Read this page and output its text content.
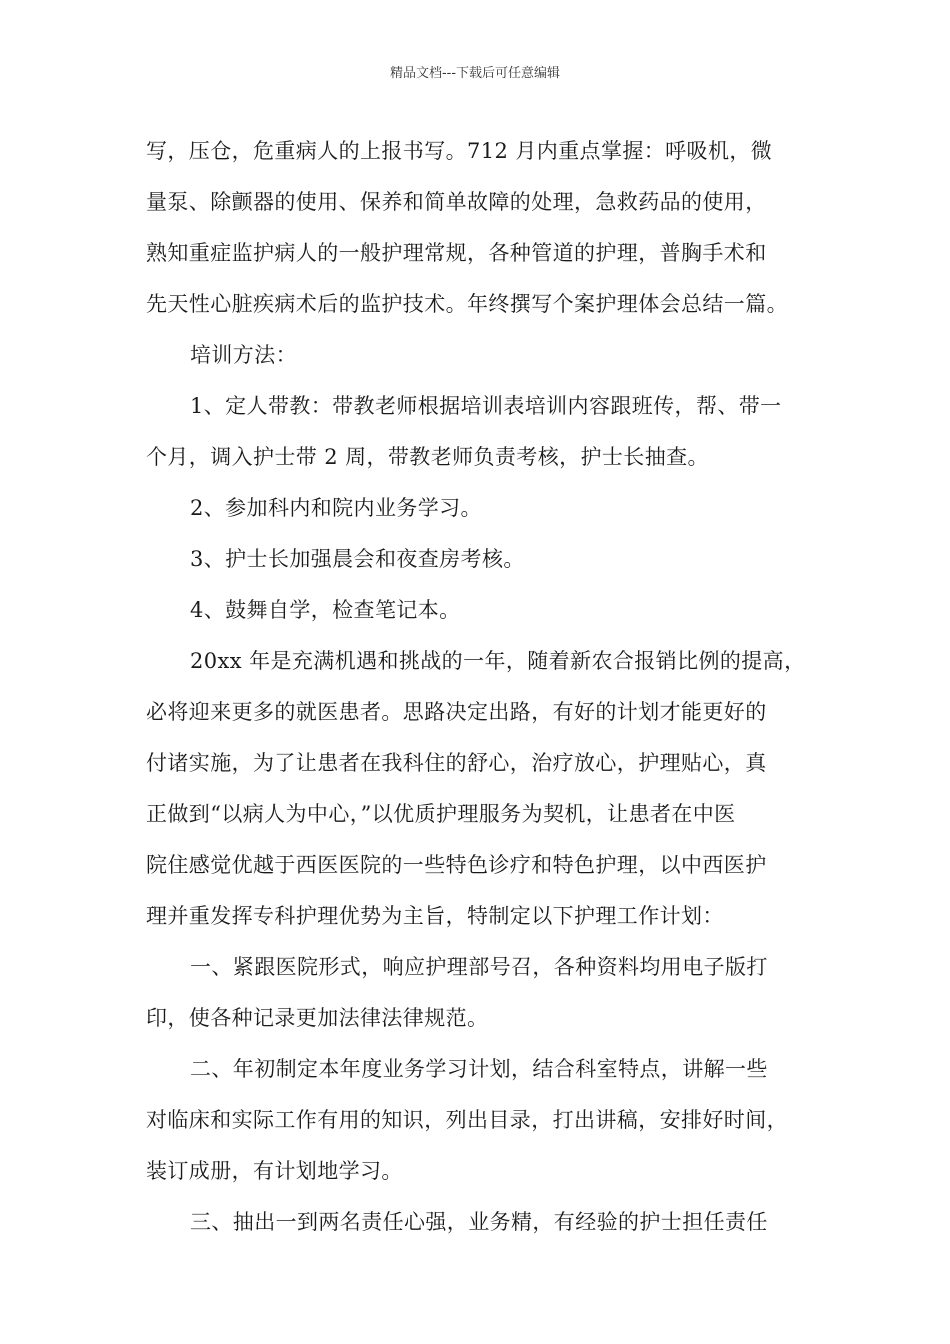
精品文档---下载后可任意编辑
写，压仓，危重病人的上报书写。712 月内重点掌握：呼吸机，微
量泵、除颤器的使用、保养和简单故障的处理，急救药品的使用，
熟知重症监护病人的一般护理常规，各种管道的护理，普胸手术和
先天性心脏疾病术后的监护技术。年终撰写个案护理体会总结一篇。
培训方法：
1、定人带教：带教老师根据培训表培训内容跟班传，帮、带一
个月，调入护士带 2 周，带教老师负责考核，护士长抽查。
2、参加科内和院内业务学习。
3、护士长加强晨会和夜查房考核。
4、鼓舞自学，检查笔记本。
20xx 年是充满机遇和挑战的一年，随着新农合报销比例的提高，
必将迎来更多的就医患者。思路决定出路，有好的计划才能更好的
付诸实施，为了让患者在我科住的舒心，治疗放心，护理贴心，真
正做到“以病人为中心，”以优质护理服务为契机，让患者在中医
院住感觉优越于西医医院的一些特色诊疗和特色护理，以中西医护
理并重发挥专科护理优势为主旨，特制定以下护理工作计划：
一、紧跟医院形式，响应护理部号召，各种资料均用电子版打
印，使各种记录更加法律法律规范。
二、年初制定本年度业务学习计划，结合科室特点，讲解一些
对临床和实际工作有用的知识，列出目录，打出讲稿，安排好时间，
装订成册，有计划地学习。
三、抽出一到两名责任心强，业务精，有经验的护士担任责任
